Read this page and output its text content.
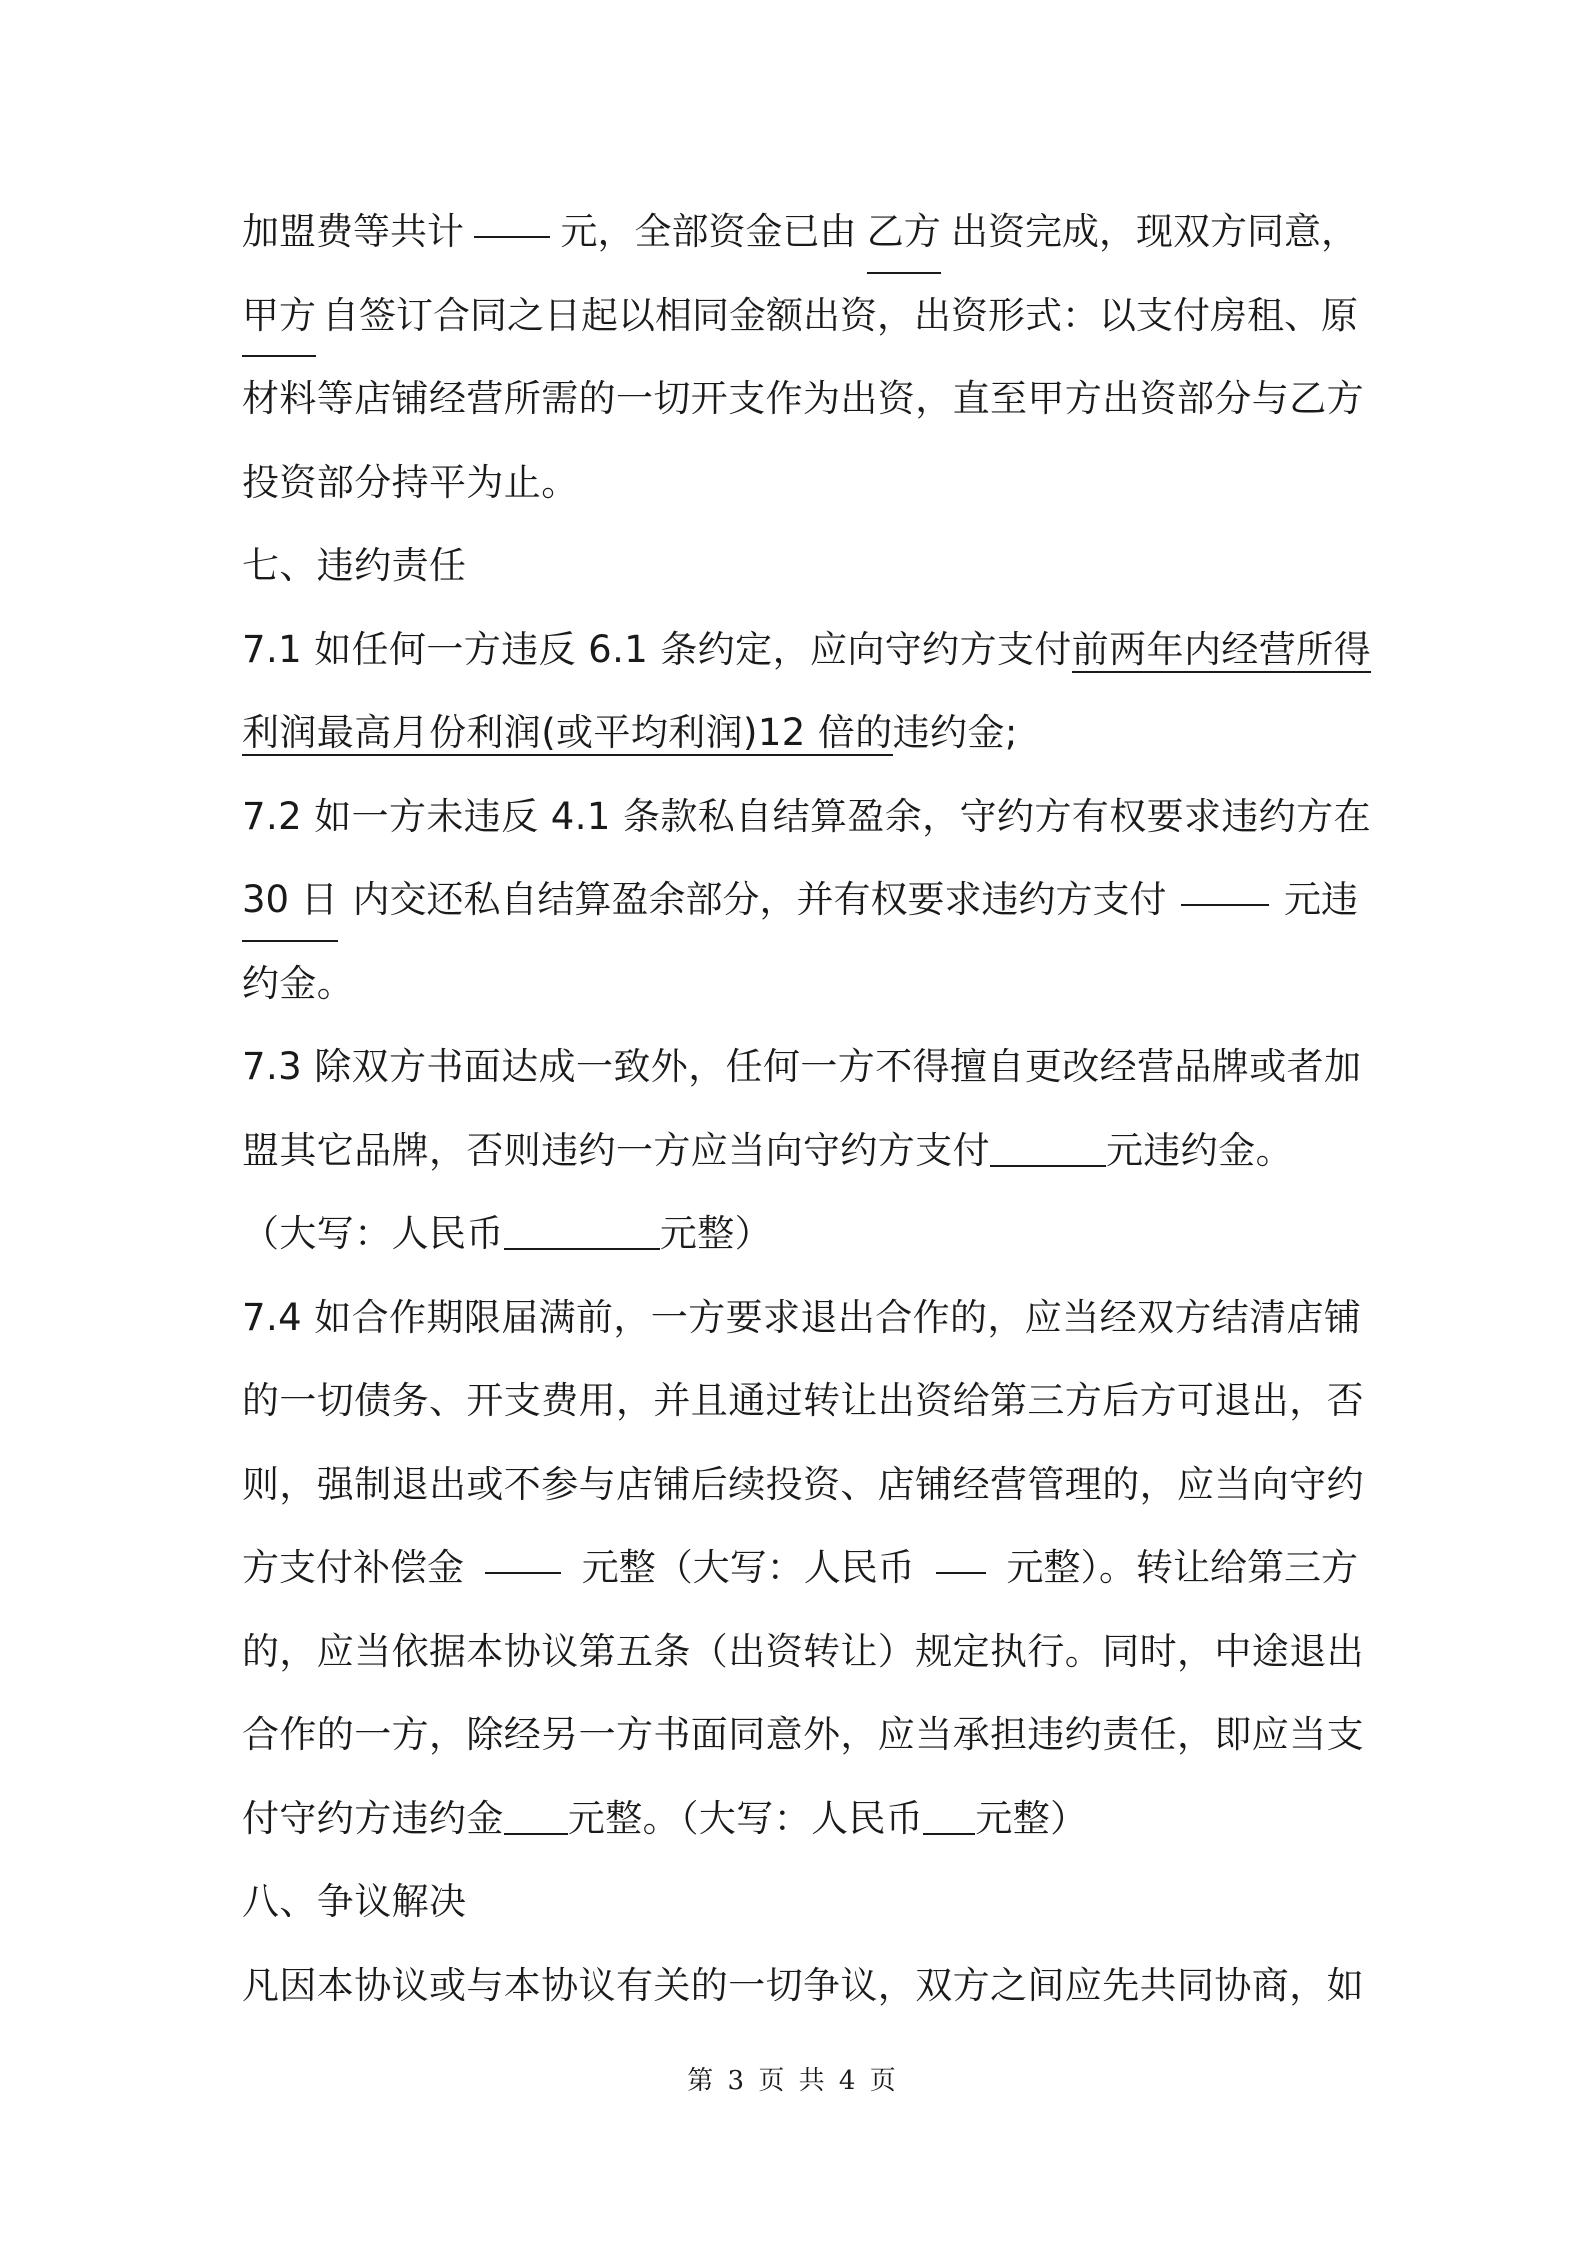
加盟费等共计	元，全部资金已由 乙方 出资完成，现双方同意，
甲方 自签订合同之日起以相同金额出资，出资形式：以支付房租、原
材料等店铺经营所需的一切开支作为出资，直至甲方出资部分与乙方
投资部分持平为止。
七、违约责任
7.1 如任何一方违反 6.1 条约定，应向守约方支付前两年内经营所得
利润最高月份利润(或平均利润)12 倍的违约金;
7.2 如一方未违反 4.1 条款私自结算盈余，守约方有权要求违约方在
30 日 内交还私自结算盈余部分，并有权要求违约方支付	元违
约金。
7.3 除双方书面达成一致外，任何一方不得擅自更改经营品牌或者加
盟其它品牌，否则违约一方应当向守约方支付	元违约金。
（大写：人民币	元整）
7.4 如合作期限届满前，一方要求退出合作的，应当经双方结清店铺
的一切债务、开支费用，并且通过转让出资给第三方后方可退出，否
则，强制退出或不参与店铺后续投资、店铺经营管理的，应当向守约
方支付补偿金	元整（大写：人民币 元整）。转让给第三方
的，应当依据本协议第五条（出资转让）规定执行。同时，中途退出
合作的一方，除经另一方书面同意外，应当承担违约责任，即应当支
付守约方违约金 元整。（大写：人民币 元整）
八、争议解决
凡因本协议或与本协议有关的一切争议，双方之间应先共同协商，如
第 3 页 共 4 页
